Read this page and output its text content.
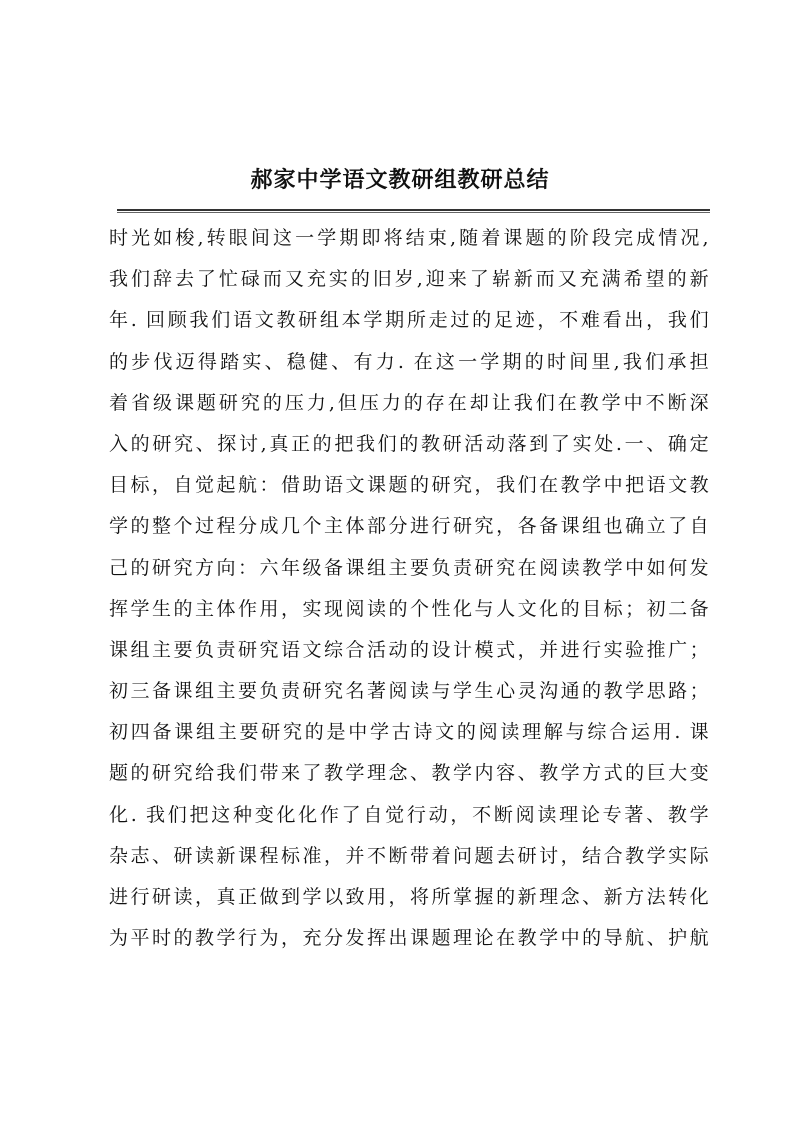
郝家中学语文教研组教研总结
时光如梭,转眼间这一学期即将结束,随着课题的阶段完成情况,
我们辞去了忙碌而又充实的旧岁,迎来了崭新而又充满希望的新
年. 回顾我们语文教研组本学期所走过的足迹，不难看出，我们
的步伐迈得踏实、稳健、有力. 在这一学期的时间里,我们承担
着省级课题研究的压力,但压力的存在却让我们在教学中不断深
入的研究、探讨,真正的把我们的教研活动落到了实处.一、确定
目标，自觉起航：借助语文课题的研究，我们在教学中把语文教
学的整个过程分成几个主体部分进行研究，各备课组也确立了自
己的研究方向：六年级备课组主要负责研究在阅读教学中如何发
挥学生的主体作用，实现阅读的个性化与人文化的目标；初二备
课组主要负责研究语文综合活动的设计模式，并进行实验推广；
初三备课组主要负责研究名著阅读与学生心灵沟通的教学思路；
初四备课组主要研究的是中学古诗文的阅读理解与综合运用. 课
题的研究给我们带来了教学理念、教学内容、教学方式的巨大变
化. 我们把这种变化化作了自觉行动，不断阅读理论专著、教学
杂志、研读新课程标准，并不断带着问题去研讨，结合教学实际
进行研读，真正做到学以致用，将所掌握的新理念、新方法转化
为平时的教学行为，充分发挥出课题理论在教学中的导航、护航
